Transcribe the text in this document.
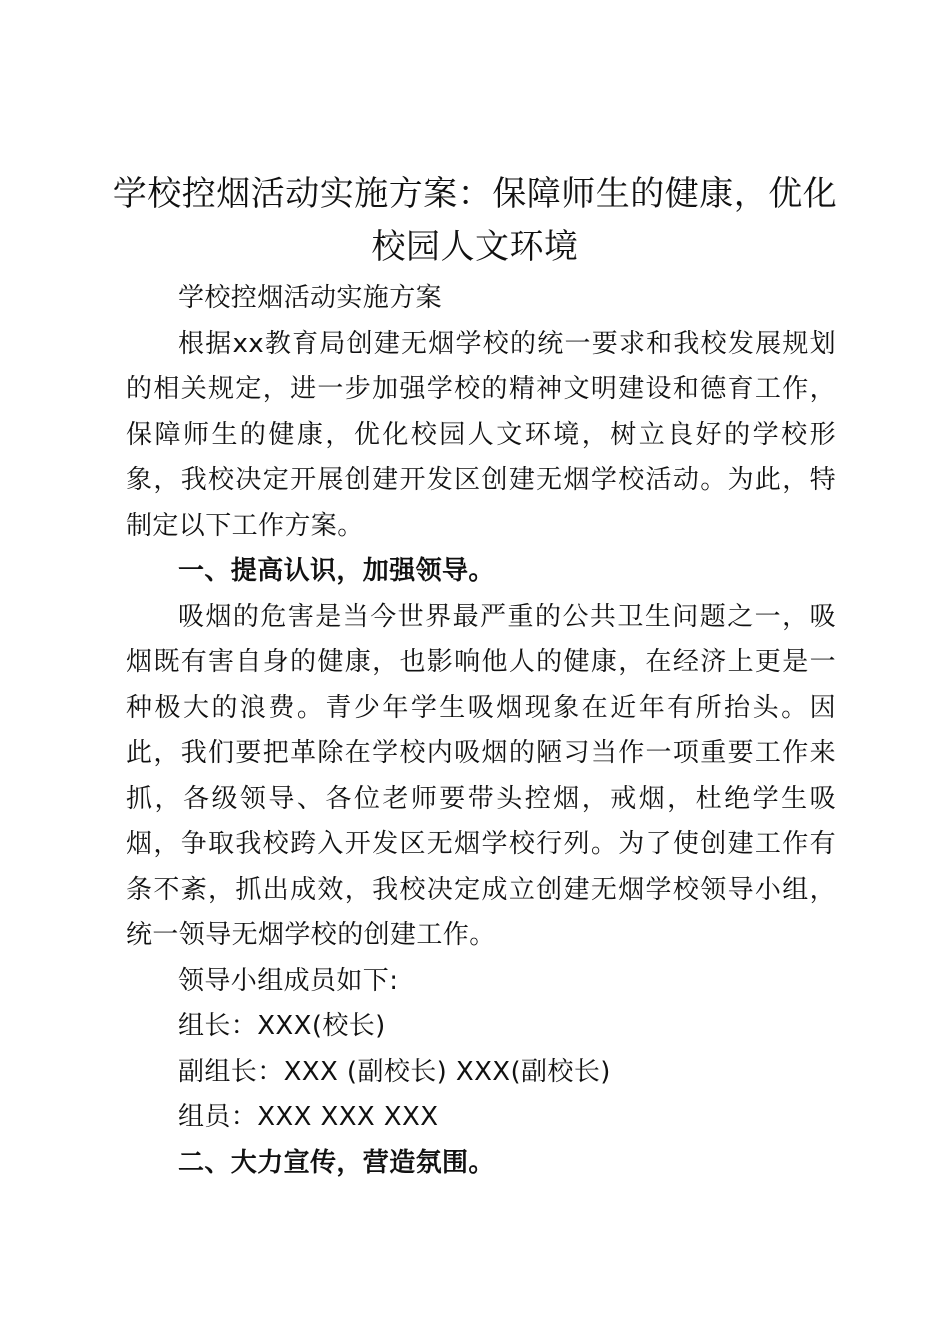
学校控烟活动实施方案：保障师生的健康，优化校园人文环境

学校控烟活动实施方案

根据xx教育局创建无烟学校的统一要求和我校发展规划的相关规定，进一步加强学校的精神文明建设和德育工作，保障师生的健康，优化校园人文环境，树立良好的学校形象，我校决定开展创建开发区创建无烟学校活动。为此，特制定以下工作方案。

一、提高认识，加强领导。

吸烟的危害是当今世界最严重的公共卫生问题之一，吸烟既有害自身的健康，也影响他人的健康，在经济上更是一种极大的浪费。青少年学生吸烟现象在近年有所抬头。因此，我们要把革除在学校内吸烟的陋习当作一项重要工作来抓，各级领导、各位老师要带头控烟，戒烟，杜绝学生吸烟，争取我校跨入开发区无烟学校行列。为了使创建工作有条不紊，抓出成效，我校决定成立创建无烟学校领导小组，统一领导无烟学校的创建工作。

领导小组成员如下:

组长：XXX(校长)

副组长：XXX (副校长) XXX(副校长)

组员：XXX XXX XXX

二、大力宣传，营造氛围。
